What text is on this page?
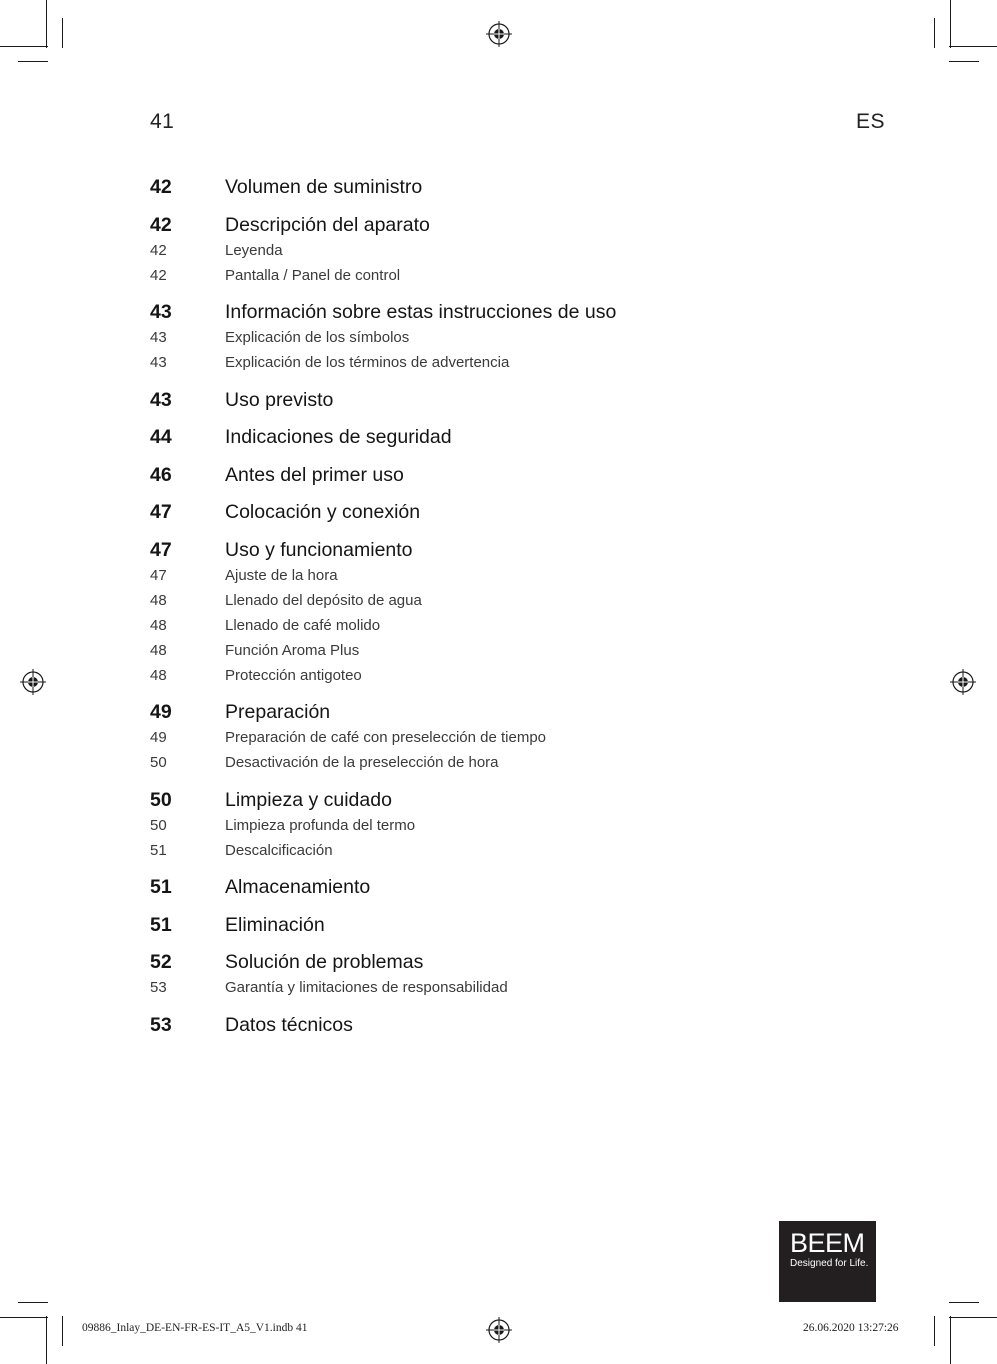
41	ES
42	Volumen de suministro
42	Descripción del aparato
42	Leyenda
42	Pantalla / Panel de control
43	Información sobre estas instrucciones de uso
43	Explicación de los símbolos
43	Explicación de los términos de advertencia
43	Uso previsto
44	Indicaciones de seguridad
46	Antes del primer uso
47	Colocación y conexión
47	Uso y funcionamiento
47	Ajuste de la hora
48	Llenado del depósito de agua
48	Llenado de café molido
48	Función Aroma Plus
48	Protección antigoteo
49	Preparación
49	Preparación de café con preselección de tiempo
50	Desactivación de la preselección de hora
50	Limpieza y cuidado
50	Limpieza profunda del termo
51	Descalcificación
51	Almacenamiento
51	Eliminación
52	Solución de problemas
53	Garantía y limitaciones de responsabilidad
53	Datos técnicos
BEEM
Designed for Life.
09886_Inlay_DE-EN-FR-ES-IT_A5_V1.indb 41	26.06.2020 13:27:26
